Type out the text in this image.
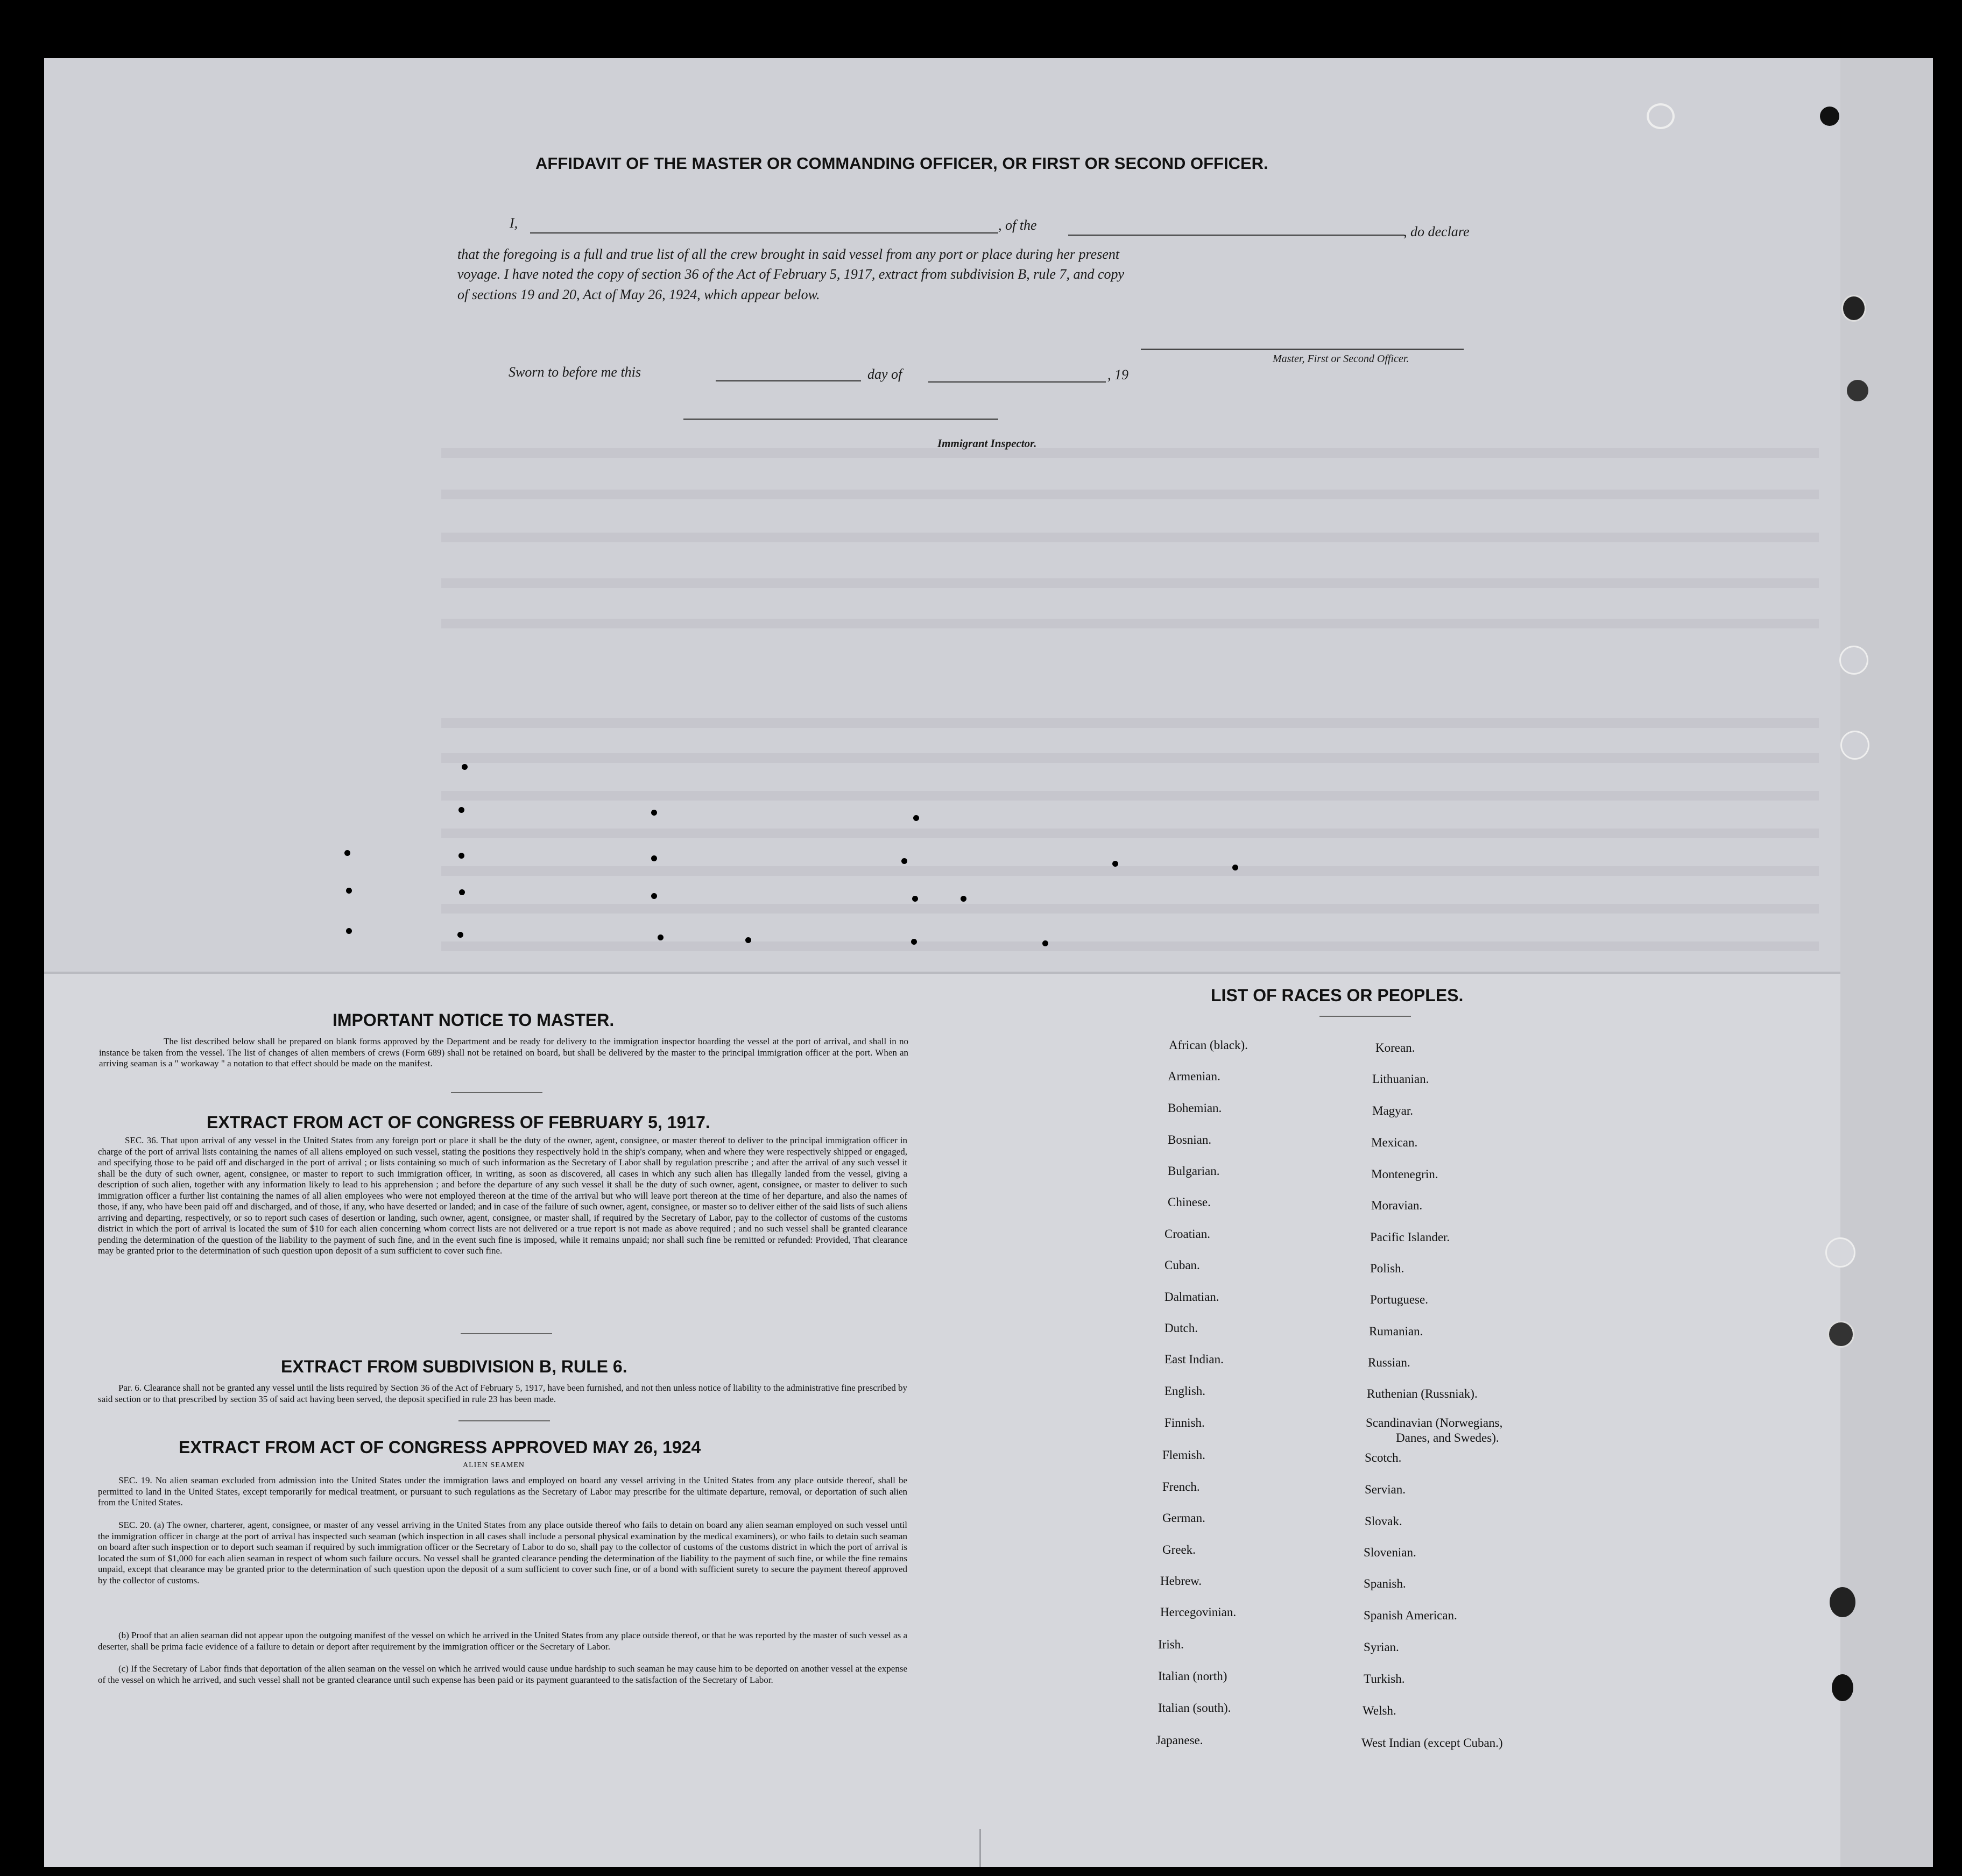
AFFIDAVIT OF THE MASTER OR COMMANDING OFFICER, OR FIRST OR SECOND OFFICER.
I,	, of the	, do declare
that the foregoing is a full and true list of all the crew brought in said vessel from any port or place during her present
voyage. I have noted the copy of section 36 of the Act of February 5, 1917, extract from subdivision B, rule 7, and copy
of sections 19 and 20, Act of May 26, 1924, which appear below.
Master, First or Second Officer.
Sworn to before me this	day of	, 19
Immigrant Inspector.
IMPORTANT NOTICE TO MASTER.
The list described below shall be prepared on blank forms approved by the Department and be ready for delivery to the immigration inspector boarding the vessel at the port of arrival, and shall in no instance be taken from the vessel. The list of changes of alien members of crews (Form 689) shall not be retained on board, but shall be delivered by the master to the principal immigration officer at the port. When an arriving seaman is a " workaway " a notation to that effect should be made on the manifest.
EXTRACT FROM ACT OF CONGRESS OF FEBRUARY 5, 1917.
SEC. 36. That upon arrival of any vessel in the United States from any foreign port or place it shall be the duty of the owner, agent, consignee, or master thereof to deliver to the principal immigration officer in charge of the port of arrival lists containing the names of all aliens employed on such vessel, stating the positions they respectively hold in the ship's company, when and where they were respectively shipped or engaged, and specifying those to be paid off and discharged in the port of arrival ; or lists containing so much of such information as the Secretary of Labor shall by regulation prescribe ; and after the arrival of any such vessel it shall be the duty of such owner, agent, consignee, or master to report to such immigration officer, in writing, as soon as discovered, all cases in which any such alien has illegally landed from the vessel, giving a description of such alien, together with any information likely to lead to his apprehension ; and before the departure of any such vessel it shall be the duty of such owner, agent, consignee, or master to deliver to such immigration officer a further list containing the names of all alien employees who were not employed thereon at the time of the arrival but who will leave port thereon at the time of her departure, and also the names of those, if any, who have been paid off and discharged, and of those, if any, who have deserted or landed; and in case of the failure of such owner, agent, consignee, or master so to deliver either of the said lists of such aliens arriving and departing, respectively, or so to report such cases of desertion or landing, such owner, agent, consignee, or master shall, if required by the Secretary of Labor, pay to the collector of customs of the customs district in which the port of arrival is located the sum of $10 for each alien concerning whom correct lists are not delivered or a true report is not made as above required ; and no such vessel shall be granted clearance pending the determination of the question of the liability to the payment of such fine, and in the event such fine is imposed, while it remains unpaid; nor shall such fine be remitted or refunded: Provided, That clearance may be granted prior to the determination of such question upon deposit of a sum sufficient to cover such fine.
EXTRACT FROM SUBDIVISION B, RULE 6.
Par. 6. Clearance shall not be granted any vessel until the lists required by Section 36 of the Act of February 5, 1917, have been furnished, and not then unless notice of liability to the administrative fine prescribed by said section or to that prescribed by section 35 of said act having been served, the deposit specified in rule 23 has been made.
EXTRACT FROM ACT OF CONGRESS APPROVED MAY 26, 1924
ALIEN SEAMEN
SEC. 19. No alien seaman excluded from admission into the United States under the immigration laws and employed on board any vessel arriving in the United States from any place outside thereof, shall be permitted to land in the United States, except temporarily for medical treatment, or pursuant to such regulations as the Secretary of Labor may prescribe for the ultimate departure, removal, or deportation of such alien from the United States.
SEC. 20. (a) The owner, charterer, agent, consignee, or master of any vessel arriving in the United States from any place outside thereof who fails to detain on board any alien seaman employed on such vessel until the immigration officer in charge at the port of arrival has inspected such seaman (which inspection in all cases shall include a personal physical examination by the medical examiners), or who fails to detain such seaman on board after such inspection or to deport such seaman if required by such immigration officer or the Secretary of Labor to do so, shall pay to the collector of customs of the customs district in which the port of arrival is located the sum of $1,000 for each alien seaman in respect of whom such failure occurs. No vessel shall be granted clearance pending the determination of the liability to the payment of such fine, or while the fine remains unpaid, except that clearance may be granted prior to the determination of such question upon the deposit of a sum sufficient to cover such fine, or of a bond with sufficient surety to secure the payment thereof approved by the collector of customs.
(b) Proof that an alien seaman did not appear upon the outgoing manifest of the vessel on which he arrived in the United States from any place outside thereof, or that he was reported by the master of such vessel as a deserter, shall be prima facie evidence of a failure to detain or deport after requirement by the immigration officer or the Secretary of Labor.
(c) If the Secretary of Labor finds that deportation of the alien seaman on the vessel on which he arrived would cause undue hardship to such seaman he may cause him to be deported on another vessel at the expense of the vessel on which he arrived, and such vessel shall not be granted clearance until such expense has been paid or its payment guaranteed to the satisfaction of the Secretary of Labor.
LIST OF RACES OR PEOPLES.
African (black).
Armenian.
Bohemian.
Bosnian.
Bulgarian.
Chinese.
Croatian.
Cuban.
Dalmatian.
Dutch.
East Indian.
English.
Finnish.
Flemish.
French.
German.
Greek.
Hebrew.
Hercegovinian.
Irish.
Italian (north)
Italian (south).
Japanese.
Korean.
Lithuanian.
Magyar.
Mexican.
Montenegrin.
Moravian.
Pacific Islander.
Polish.
Portuguese.
Rumanian.
Russian.
Ruthenian (Russniak).
Scandinavian (Norwegians,
Danes, and Swedes).
Scotch.
Servian.
Slovak.
Slovenian.
Spanish.
Spanish American.
Syrian.
Turkish.
Welsh.
West Indian (except Cuban.)
